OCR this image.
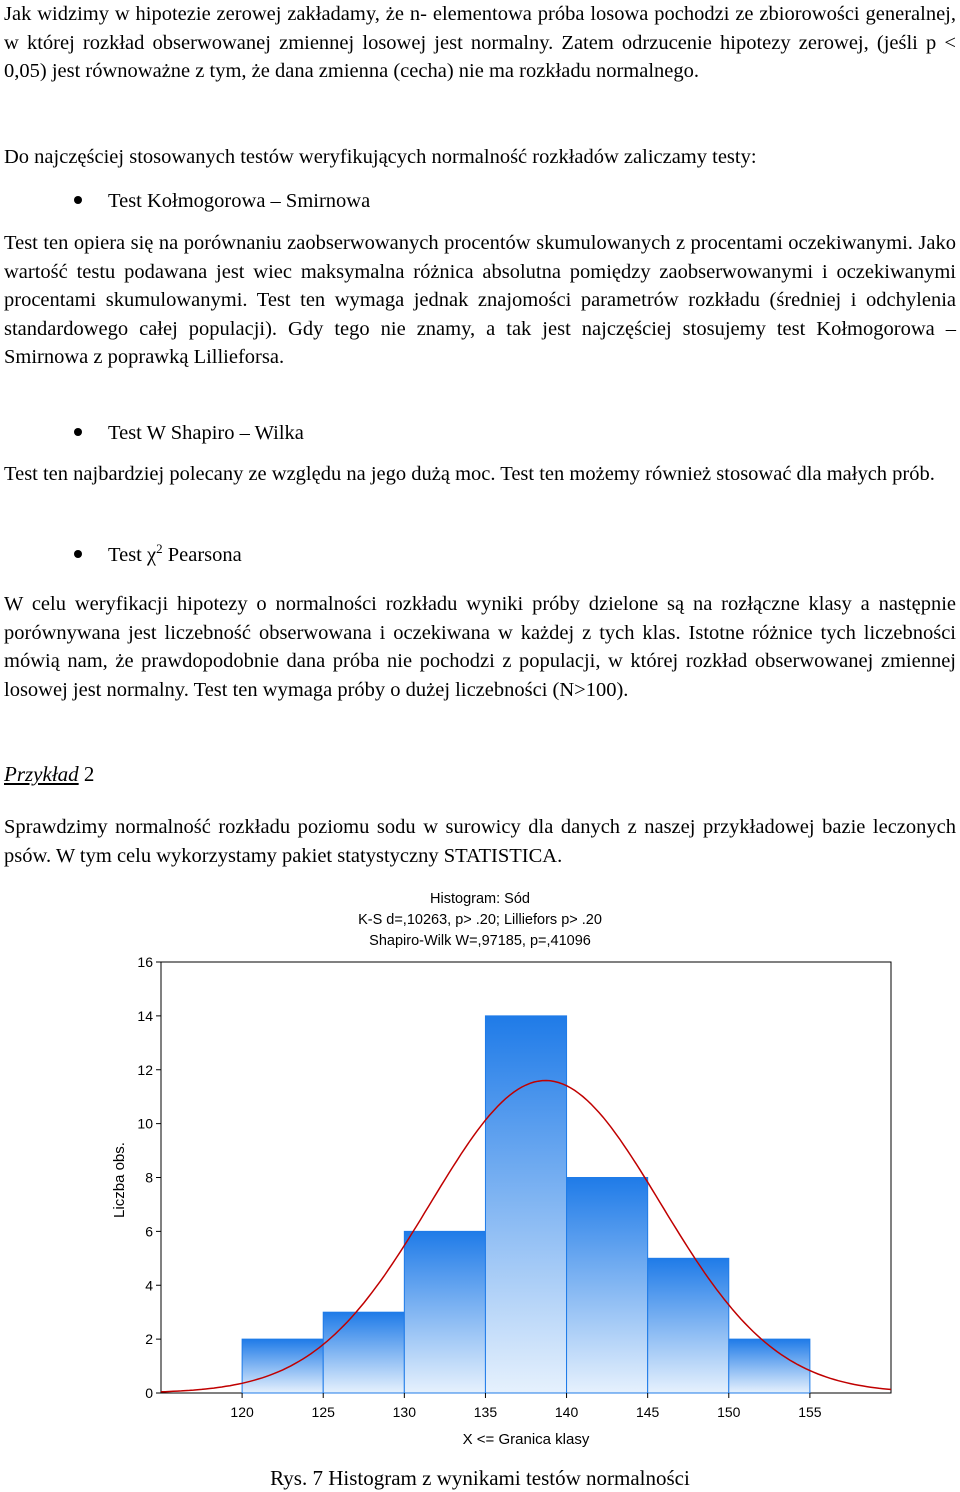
Jak widzimy w hipotezie zerowej zakładamy, że n- elementowa próba losowa pochodzi ze zbiorowości generalnej, w której rozkład obserwowanej zmiennej losowej jest normalny. Zatem odrzucenie hipotezy zerowej, (jeśli p < 0,05) jest równoważne z tym, że dana zmienna (cecha) nie ma rozkładu normalnego.

Do najczęściej stosowanych testów weryfikujących normalność rozkładów zaliczamy testy:

Test Kołmogorowa – Smirnowa

Test ten opiera się na porównaniu zaobserwowanych procentów skumulowanych z procentami oczekiwanymi. Jako wartość testu podawana jest wiec maksymalna różnica absolutna pomiędzy zaobserwowanymi i oczekiwanymi procentami skumulowanymi. Test ten wymaga jednak znajomości parametrów rozkładu (średniej i odchylenia standardowego całej populacji). Gdy tego nie znamy, a tak jest najczęściej stosujemy test Kołmogorowa – Smirnowa z poprawką Lillieforsa.

Test W Shapiro – Wilka

Test ten najbardziej polecany ze względu na jego dużą moc. Test ten możemy również stosować dla małych prób.

Test $\chi^2$ Pearsona

W celu weryfikacji hipotezy o normalności rozkładu wyniki próby dzielone są na rozłączne klasy a następnie porównywana jest liczebność obserwowana i oczekiwana w każdej z tych klas. Istotne różnice tych liczebności mówią nam, że prawdopodobnie dana próba nie pochodzi z populacji, w której rozkład obserwowanej zmiennej losowej jest normalny. Test ten wymaga próby o dużej liczebności (N>100).

Przykład 2

Sprawdzimy normalność rozkładu poziomu sodu w surowicy dla danych z naszej przykładowej bazie leczonych psów. W tym celu wykorzystamy pakiet statystyczny STATISTICA.

Histogram: Sód
K-S d=,10263, p> .20; Lilliefors p> .20
Shapiro-Wilk W=,97185, p=,41096
0
2
4
6
8
10
12
14
16
120	125	130	135	140	145	150	155
X <= Granica klasy
Liczba obs.
Rys. 7 Histogram z wynikami testów normalności
